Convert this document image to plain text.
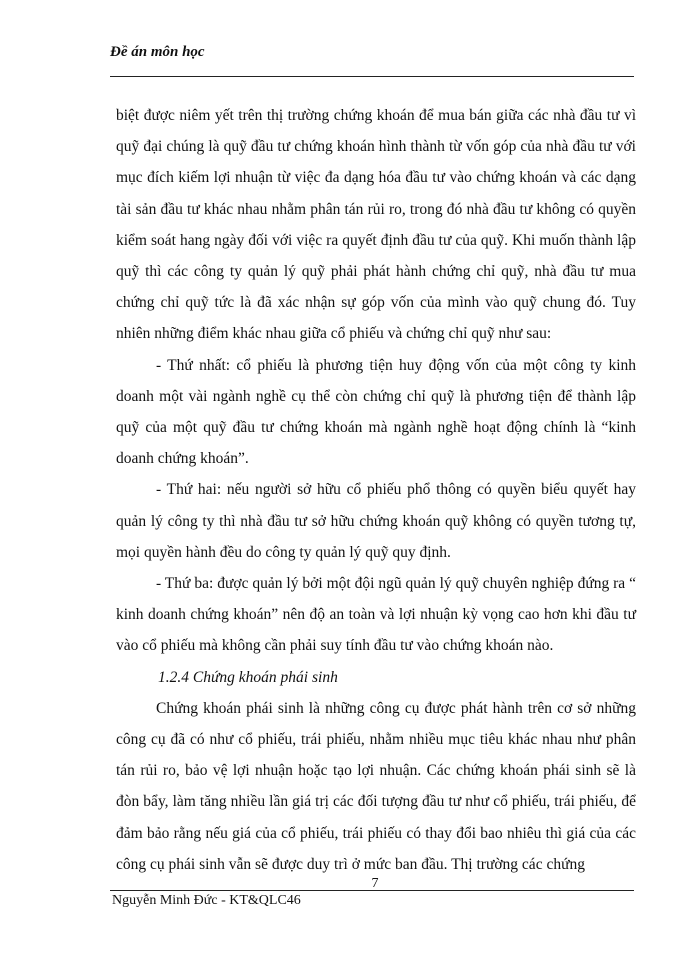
Đề án môn học

biệt được niêm yết trên thị trường chứng khoán để mua bán giữa các nhà đầu tư vì quỹ đại chúng là quỹ đầu tư chứng khoán hình thành từ vốn góp của nhà đầu tư với mục đích kiếm lợi nhuận từ việc đa dạng hóa đầu tư vào chứng khoán và các dạng tài sản đầu tư khác nhau nhằm phân tán rủi ro, trong đó nhà đầu tư không có quyền kiểm soát hang ngày đối với việc ra quyết định đầu tư của quỹ. Khi muốn thành lập quỹ thì các công ty quản lý quỹ phải phát hành chứng chỉ quỹ, nhà đầu tư mua chứng chỉ quỹ tức là đã xác nhận sự góp vốn của mình vào quỹ chung đó. Tuy nhiên những điểm khác nhau giữa cổ phiếu và chứng chỉ quỹ như sau:

- Thứ nhất: cổ phiếu là phương tiện huy động vốn của một công ty kinh doanh một vài ngành nghề cụ thể còn chứng chỉ quỹ là phương tiện để thành lập quỹ của một quỹ đầu tư chứng khoán mà ngành nghề hoạt động chính là “kinh doanh chứng khoán”.

- Thứ hai: nếu người sở hữu cổ phiếu phổ thông có quyền biểu quyết hay quản lý công ty thì nhà đầu tư sở hữu chứng khoán quỹ không có quyền tương tự, mọi quyền hành đều do công ty quản lý quỹ quy định.

- Thứ ba: được quản lý bởi một đội ngũ quản lý quỹ chuyên nghiệp đứng ra “ kinh doanh chứng khoán” nên độ an toàn và lợi nhuận kỳ vọng cao hơn khi đầu tư vào cổ phiếu mà không cần phải suy tính đầu tư vào chứng khoán nào.

1.2.4 Chứng khoán phái sinh

Chứng khoán phái sinh là những công cụ được phát hành trên cơ sở những công cụ đã có như cổ phiếu, trái phiếu, nhằm nhiều mục tiêu khác nhau như phân tán rủi ro, bảo vệ lợi nhuận hoặc tạo lợi nhuận. Các chứng khoán phái sinh sẽ là đòn bẩy, làm tăng nhiều lần giá trị các đối tượng đầu tư như cổ phiếu, trái phiếu, để đảm bảo rằng nếu giá của cổ phiếu, trái phiếu có thay đổi bao nhiêu thì giá của các công cụ phái sinh vẫn sẽ được duy trì ở mức ban đầu. Thị trường các chứng

7
Nguyễn Minh Đức - KT&QLC46
